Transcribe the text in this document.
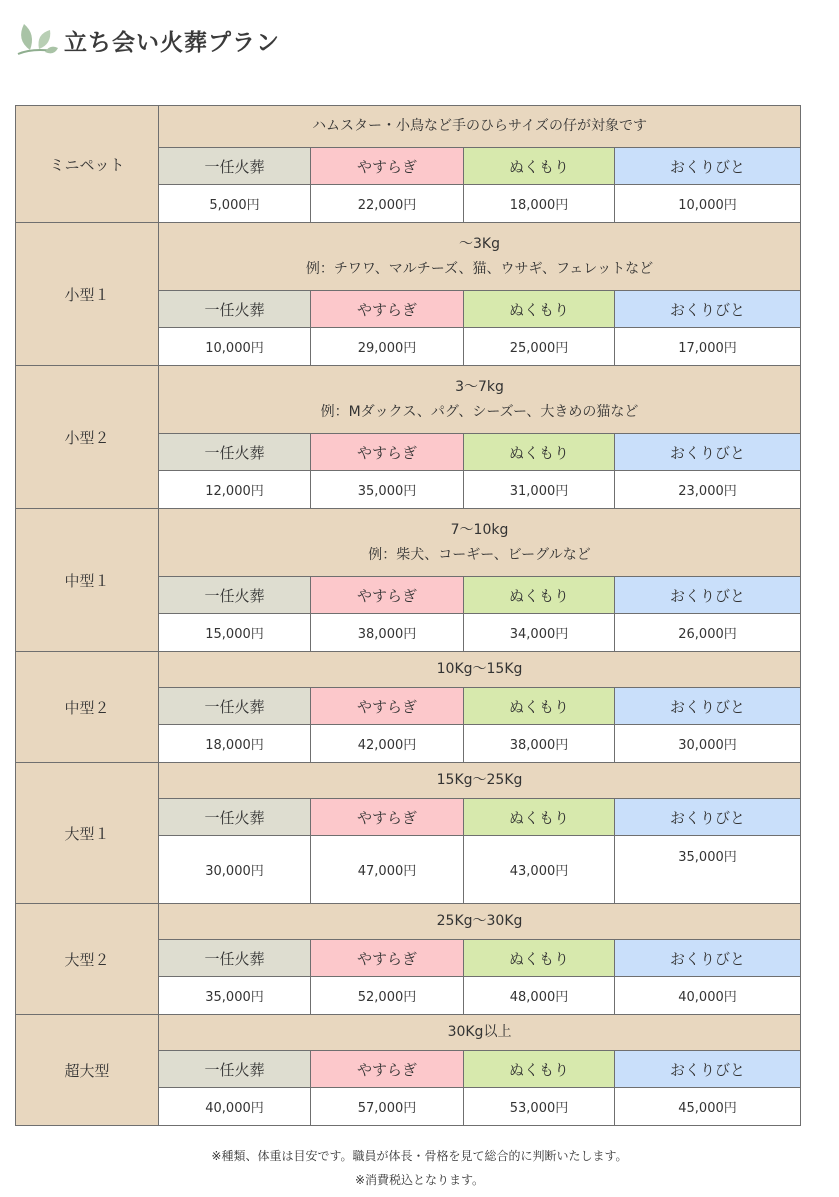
立ち会い火葬プラン
ミニペット	ハムスター・小鳥など手のひらサイズの仔が対象です			

	一任火葬	やすらぎ	ぬくもり	おくりびと
	5,000円	22,000円	18,000円	10,000円
小型１	〜3Kg
例：チワワ、マルチーズ、猫、ウサギ、フェレットなど			

	一任火葬	やすらぎ	ぬくもり	おくりびと
	10,000円	29,000円	25,000円	17,000円
小型２	3〜7kg
例：Mダックス、パグ、シーズー、大きめの猫など			

	一任火葬	やすらぎ	ぬくもり	おくりびと
	12,000円	35,000円	31,000円	23,000円
中型１	7〜10kg
例：柴犬、コーギー、ビーグルなど			

	一任火葬	やすらぎ	ぬくもり	おくりびと
	15,000円	38,000円	34,000円	26,000円
中型２	10Kg〜15Kg			

	一任火葬	やすらぎ	ぬくもり	おくりびと
	18,000円	42,000円	38,000円	30,000円
大型１	15Kg〜25Kg			

	一任火葬	やすらぎ	ぬくもり	おくりびと
	30,000円	47,000円	43,000円	35,000円
大型２	25Kg〜30Kg			

	一任火葬	やすらぎ	ぬくもり	おくりびと
	35,000円	52,000円	48,000円	40,000円
超大型	30Kg以上			

	一任火葬	やすらぎ	ぬくもり	おくりびと
	40,000円	57,000円	53,000円	45,000円
※種類、体重は目安です。職員が体長・骨格を見て総合的に判断いたします。
※消費税込となります。
